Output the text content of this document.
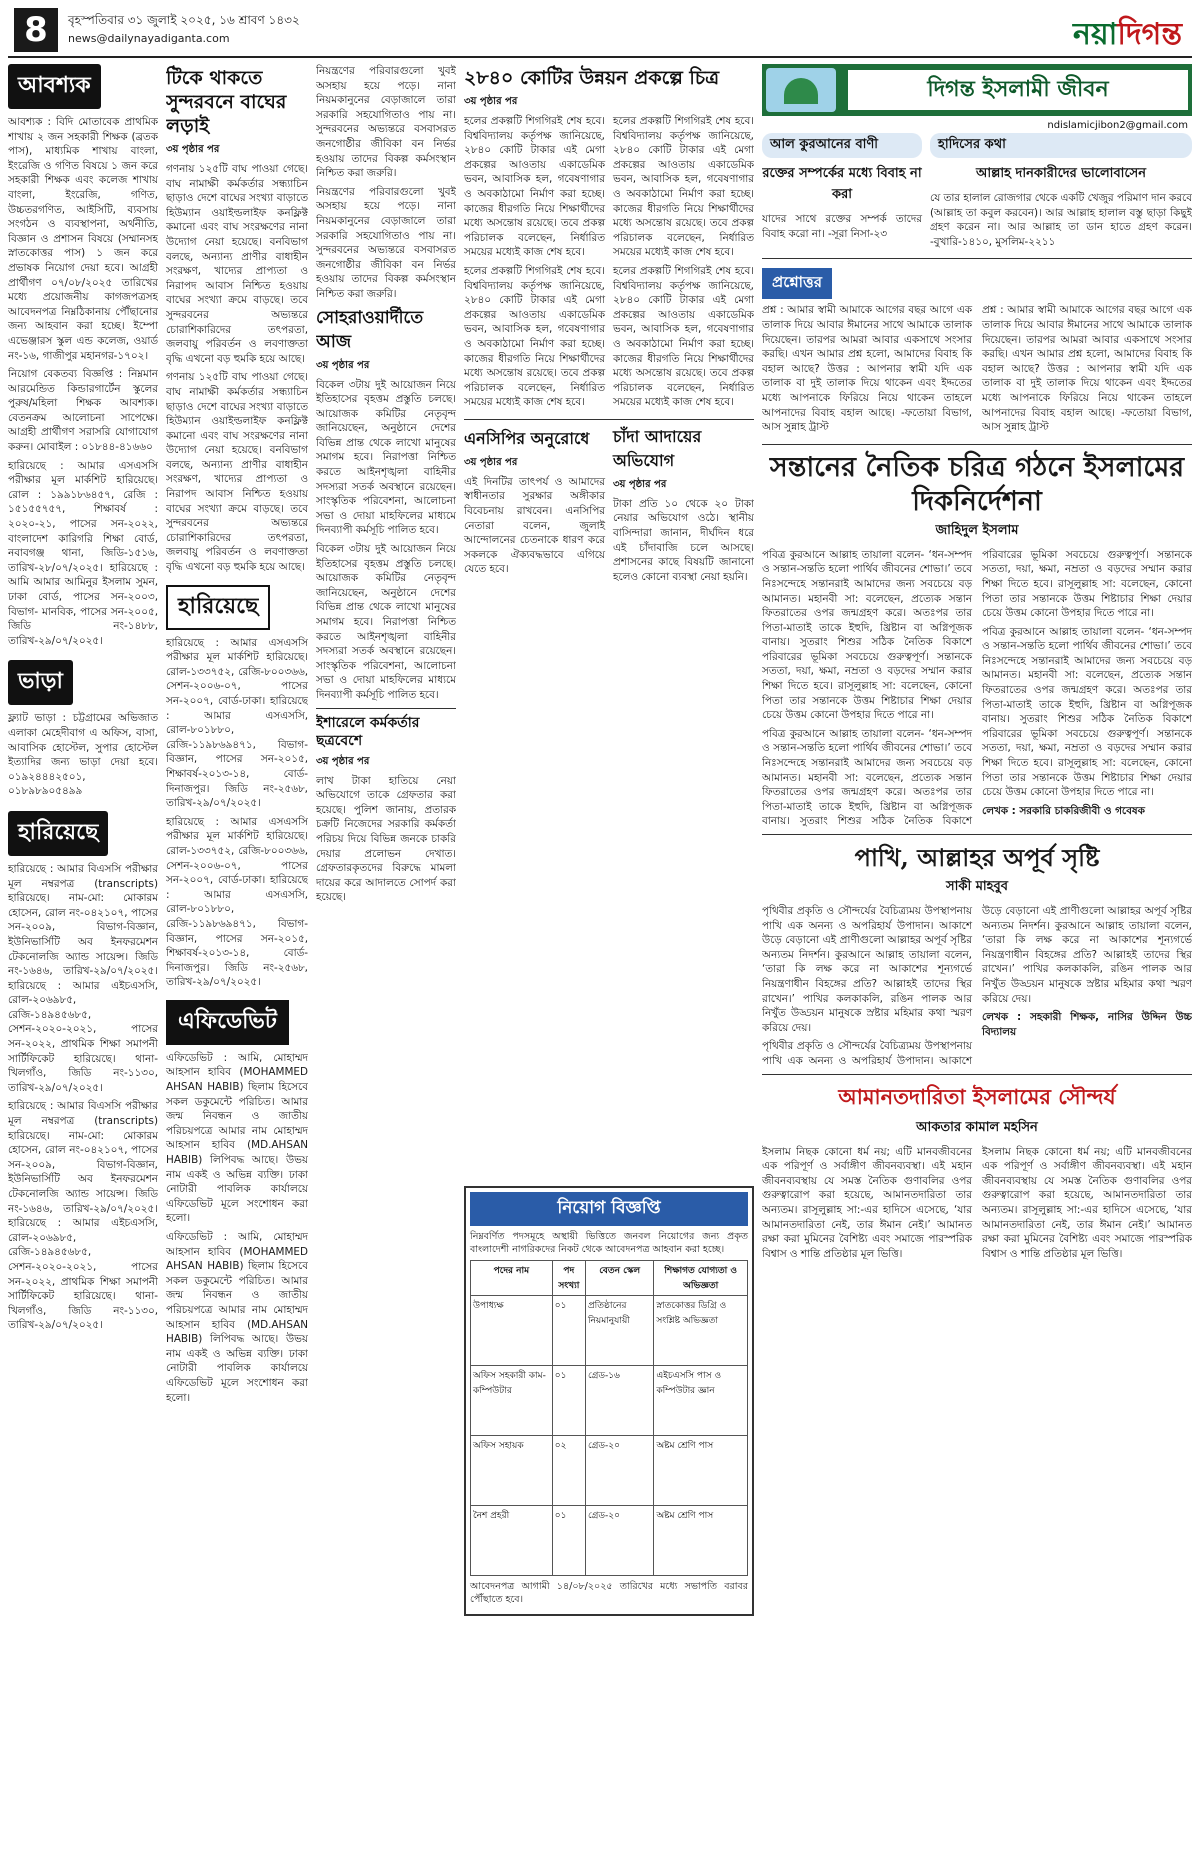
8	বৃহস্পতিবার ৩১ জুলাই ২০২৫, ১৬ শ্রাবণ ১৪৩২
news@dailynayadiganta.com	নয়াদিগন্ত
আবশ্যক

আবশ্যক : বিদি মোতাবেক প্রাথমিক শাখায় ২ জন সহকারী শিক্ষক (ব্রতক পাস), মাধ্যমিক শাখায় বাংলা, ইংরেজি ও গণিত বিষয়ে ১ জন করে সহকারী শিক্ষক এবং কলেজ শাখায় বাংলা, ইংরেজি, গণিত, উচ্চতরগণিত, আইসিটি, ব্যবসায় সংগঠন ও ব্যবস্থাপনা, অর্থনীতি, বিজ্ঞান ও প্রশাসন বিষয়ে (সম্মানসহ স্নাতকোত্তর পাস) ১ জন করে প্রভাষক নিয়োগ দেয়া হবে। আগ্রহী প্রার্থীগণ ০৭/০৮/২০২৫ তারিখের মধ্যে প্রয়োজনীয় কাগজপত্রসহ আবেদনপত্র নিম্নঠিকানায় পৌঁছানোর জন্য আহবান করা হচ্ছে। ইম্পো এভেঞ্জারস স্কুল এন্ড কলেজ, ওয়ার্ড নং-১৬, গাজীপুর মহানগর-১৭০২।

নিয়োগ বেকতব্য বিজ্ঞপ্তি : নিম্নমান আরমেন্ডিত কিন্ডারগার্টেন স্কুলের পুরুষ/মহিলা শিক্ষক আবশ্যক। বেতনক্রম আলোচনা সাপেক্ষে। আগ্রহী প্রার্থীগণ সরাসরি যোগাযোগ করুন। মোবাইল : ০১৮৪৪-৪১৬৬০

হারিয়েছে : আমার এসএসসি পরীক্ষার মূল মার্কশিট হারিয়েছে। রোল : ১৯৯১৮৬৪৫৭, রেজি : ১৫১৫৫৭৫৭, শিক্ষাবর্ষ : ২০২০-২১, পাসের সন-২০২২, বাংলাদেশ কারিগরি শিক্ষা বোর্ড, নবাবগঞ্জ থানা, জিডি-১৫১৬, তারিখ-২৮/০৭/২০২৫। হারিয়েছে : আমি আমার আমিনুর ইসলাম সুমন, ঢাকা বোর্ড, পাসের সন-২০০৩, বিভাগ- মানবিক, পাসের সন-২০০৫, জিডি নং-১৪৮৮, তারিখ-২৯/০৭/২০২৫।

ভাড়া

ফ্ল্যাট ভাড়া : চট্টগ্রামের অভিজাত এলাকা মেহেদীবাগ এ অফিস, বাসা, আবাসিক হোস্টেল, সুপার হোস্টেল ইত্যাদির জন্য ভাড়া দেয়া হবে। ০১৯২৪৪৪২৫০১, ০১৮৯৮৯০৫৪৯৯

হারিয়েছে

হারিয়েছে : আমার বিএসসি পরীক্ষার মূল নম্বরপত্র (transcripts) হারিয়েছে। নাম-মো: মোকারম হোসেন, রোল নং-০৪২১০৭, পাসের সন-২০০৯, বিভাগ-বিজ্ঞান, ইউনিভার্সিটি অব ইনফরমেশন টেকনোলজি অ্যান্ড সায়েন্স। জিডি নং-১৬৪৬, তারিখ-২৯/০৭/২০২৫। হারিয়েছে : আমার এইচএসসি, রোল-২০৬৯৮৫, রেজি-১৪৯৪৫৬৮৫, সেশন-২০২০-২০২১, পাসের সন-২০২২, প্রাথমিক শিক্ষা সমাপনী সার্টিফিকেট হারিয়েছে। থানা-খিলগাঁও, জিডি নং-১১৩০, তারিখ-২৯/০৭/২০২৫।

হারিয়েছে : আমার বিএসসি পরীক্ষার মূল নম্বরপত্র (transcripts) হারিয়েছে। নাম-মো: মোকারম হোসেন, রোল নং-০৪২১০৭, পাসের সন-২০০৯, বিভাগ-বিজ্ঞান, ইউনিভার্সিটি অব ইনফরমেশন টেকনোলজি অ্যান্ড সায়েন্স। জিডি নং-১৬৪৬, তারিখ-২৯/০৭/২০২৫। হারিয়েছে : আমার এইচএসসি, রোল-২০৬৯৮৫, রেজি-১৪৯৪৫৬৮৫, সেশন-২০২০-২০২১, পাসের সন-২০২২, প্রাথমিক শিক্ষা সমাপনী সার্টিফিকেট হারিয়েছে। থানা-খিলগাঁও, জিডি নং-১১৩০, তারিখ-২৯/০৭/২০২৫।

টিকে থাকতে সুন্দরবনে বাঘের লড়াই
৩য় পৃষ্ঠার পর

গণনায় ১২৫টি বাঘ পাওয়া গেছে। বাঘ নামাক্ষী কর্মকর্তার সন্ধ্যাচিন ছাড়াও দেশে বাঘের সংখ্যা বাড়াতে হিউম্যান ওয়াইল্ডলাইফ কনফ্লিক্ট কমানো এবং বাঘ সংরক্ষণের নানা উদ্যোগ নেয়া হয়েছে। বনবিভাগ বলছে, অন্যান্য প্রাণীর বাধাহীন সংরক্ষণ, খাদ্যের প্রাপ্যতা ও নিরাপদ আবাস নিশ্চিত হওয়ায় বাঘের সংখ্যা ক্রমে বাড়ছে। তবে সুন্দরবনের অভ্যন্তরে চোরাশিকারিদের তৎপরতা, জলবায়ু পরিবর্তন ও লবণাক্ততা বৃদ্ধি এখনো বড় হুমকি হয়ে আছে।

গণনায় ১২৫টি বাঘ পাওয়া গেছে। বাঘ নামাক্ষী কর্মকর্তার সন্ধ্যাচিন ছাড়াও দেশে বাঘের সংখ্যা বাড়াতে হিউম্যান ওয়াইল্ডলাইফ কনফ্লিক্ট কমানো এবং বাঘ সংরক্ষণের নানা উদ্যোগ নেয়া হয়েছে। বনবিভাগ বলছে, অন্যান্য প্রাণীর বাধাহীন সংরক্ষণ, খাদ্যের প্রাপ্যতা ও নিরাপদ আবাস নিশ্চিত হওয়ায় বাঘের সংখ্যা ক্রমে বাড়ছে। তবে সুন্দরবনের অভ্যন্তরে চোরাশিকারিদের তৎপরতা, জলবায়ু পরিবর্তন ও লবণাক্ততা বৃদ্ধি এখনো বড় হুমকি হয়ে আছে।

হারিয়েছে

হারিয়েছে : আমার এসএসসি পরীক্ষার মূল মার্কশিট হারিয়েছে। রোল-১৩৩৭৫২, রেজি-৮০০৩৬৬, সেশন-২০০৬-০৭, পাসের সন-২০০৭, বোর্ড-ঢাকা। হারিয়েছে : আমার এসএসসি, রোল-৮০১৮৮০, রেজি-১১৯৮৬৯৪৭১, বিভাগ-বিজ্ঞান, পাসের সন-২০১৫, শিক্ষাবর্ষ-২০১৩-১৪, বোর্ড-দিনাজপুর। জিডি নং-২৫৬৮, তারিখ-২৯/০৭/২০২৫।

হারিয়েছে : আমার এসএসসি পরীক্ষার মূল মার্কশিট হারিয়েছে। রোল-১৩৩৭৫২, রেজি-৮০০৩৬৬, সেশন-২০০৬-০৭, পাসের সন-২০০৭, বোর্ড-ঢাকা। হারিয়েছে : আমার এসএসসি, রোল-৮০১৮৮০, রেজি-১১৯৮৬৯৪৭১, বিভাগ-বিজ্ঞান, পাসের সন-২০১৫, শিক্ষাবর্ষ-২০১৩-১৪, বোর্ড-দিনাজপুর। জিডি নং-২৫৬৮, তারিখ-২৯/০৭/২০২৫।

এফিডেভিট

এফিডেভিট : আমি, মোহাম্মদ আহসান হাবিব (MOHAMMED AHSAN HABIB) ছিলাম হিসেবে সকল ডকুমেন্টে পরিচিত। আমার জন্ম নিবন্ধন ও জাতীয় পরিচয়পত্রে আমার নাম মোহাম্মদ আহসান হাবিব (MD.AHSAN HABIB) লিপিবদ্ধ আছে। উভয় নাম একই ও অভিন্ন ব্যক্তি। ঢাকা নোটারী পাবলিক কার্যালয়ে এফিডেভিট মূলে সংশোধন করা হলো।

এফিডেভিট : আমি, মোহাম্মদ আহসান হাবিব (MOHAMMED AHSAN HABIB) ছিলাম হিসেবে সকল ডকুমেন্টে পরিচিত। আমার জন্ম নিবন্ধন ও জাতীয় পরিচয়পত্রে আমার নাম মোহাম্মদ আহসান হাবিব (MD.AHSAN HABIB) লিপিবদ্ধ আছে। উভয় নাম একই ও অভিন্ন ব্যক্তি। ঢাকা নোটারী পাবলিক কার্যালয়ে এফিডেভিট মূলে সংশোধন করা হলো।

নিয়ন্ত্রণের পরিবারগুলো খুবই অসহায় হয়ে পড়ে। নানা নিয়মকানুনের বেড়াজালে তারা সরকারি সহযোগিতাও পায় না। সুন্দরবনের অভ্যন্তরে বসবাসরত জনগোষ্ঠীর জীবিকা বন নির্ভর হওয়ায় তাদের বিকল্প কর্মসংস্থান নিশ্চিত করা জরুরি।

নিয়ন্ত্রণের পরিবারগুলো খুবই অসহায় হয়ে পড়ে। নানা নিয়মকানুনের বেড়াজালে তারা সরকারি সহযোগিতাও পায় না। সুন্দরবনের অভ্যন্তরে বসবাসরত জনগোষ্ঠীর জীবিকা বন নির্ভর হওয়ায় তাদের বিকল্প কর্মসংস্থান নিশ্চিত করা জরুরি।

সোহরাওয়ার্দীতে আজ
৩য় পৃষ্ঠার পর

বিকেল ৩টায় দুই আয়োজন নিয়ে ইতিহাসের বৃহত্তম প্রস্তুতি চলছে। আয়োজক কমিটির নেতৃবৃন্দ জানিয়েছেন, অনুষ্ঠানে দেশের বিভিন্ন প্রান্ত থেকে লাখো মানুষের সমাগম হবে। নিরাপত্তা নিশ্চিত করতে আইনশৃঙ্খলা বাহিনীর সদস্যরা সতর্ক অবস্থানে রয়েছেন। সাংস্কৃতিক পরিবেশনা, আলোচনা সভা ও দোয়া মাহফিলের মাধ্যমে দিনব্যাপী কর্মসূচি পালিত হবে।

বিকেল ৩টায় দুই আয়োজন নিয়ে ইতিহাসের বৃহত্তম প্রস্তুতি চলছে। আয়োজক কমিটির নেতৃবৃন্দ জানিয়েছেন, অনুষ্ঠানে দেশের বিভিন্ন প্রান্ত থেকে লাখো মানুষের সমাগম হবে। নিরাপত্তা নিশ্চিত করতে আইনশৃঙ্খলা বাহিনীর সদস্যরা সতর্ক অবস্থানে রয়েছেন। সাংস্কৃতিক পরিবেশনা, আলোচনা সভা ও দোয়া মাহফিলের মাধ্যমে দিনব্যাপী কর্মসূচি পালিত হবে।

ইশারেলে কর্মকর্তার ছত্রবেশে
৩য় পৃষ্ঠার পর

লাখ টাকা হাতিয়ে নেয়া অভিযোগে তাকে গ্রেফতার করা হয়েছে। পুলিশ জানায়, প্রতারক চক্রটি নিজেদের সরকারি কর্মকর্তা পরিচয় দিয়ে বিভিন্ন জনকে চাকরি দেয়ার প্রলোভন দেখাত। গ্রেফতারকৃতদের বিরুদ্ধে মামলা দায়ের করে আদালতে সোপর্দ করা হয়েছে।

২৮৪০ কোটির উন্নয়ন প্রকল্পে চিত্র
৩য় পৃষ্ঠার পর

হলের প্রকল্পটি শিগগিরই শেষ হবে। বিশ্ববিদ্যালয় কর্তৃপক্ষ জানিয়েছে, ২৮৪০ কোটি টাকার এই মেগা প্রকল্পের আওতায় একাডেমিক ভবন, আবাসিক হল, গবেষণাগার ও অবকাঠামো নির্মাণ করা হচ্ছে। কাজের ধীরগতি নিয়ে শিক্ষার্থীদের মধ্যে অসন্তোষ রয়েছে। তবে প্রকল্প পরিচালক বলেছেন, নির্ধারিত সময়ের মধ্যেই কাজ শেষ হবে।

হলের প্রকল্পটি শিগগিরই শেষ হবে। বিশ্ববিদ্যালয় কর্তৃপক্ষ জানিয়েছে, ২৮৪০ কোটি টাকার এই মেগা প্রকল্পের আওতায় একাডেমিক ভবন, আবাসিক হল, গবেষণাগার ও অবকাঠামো নির্মাণ করা হচ্ছে। কাজের ধীরগতি নিয়ে শিক্ষার্থীদের মধ্যে অসন্তোষ রয়েছে। তবে প্রকল্প পরিচালক বলেছেন, নির্ধারিত সময়ের মধ্যেই কাজ শেষ হবে।

হলের প্রকল্পটি শিগগিরই শেষ হবে। বিশ্ববিদ্যালয় কর্তৃপক্ষ জানিয়েছে, ২৮৪০ কোটি টাকার এই মেগা প্রকল্পের আওতায় একাডেমিক ভবন, আবাসিক হল, গবেষণাগার ও অবকাঠামো নির্মাণ করা হচ্ছে। কাজের ধীরগতি নিয়ে শিক্ষার্থীদের মধ্যে অসন্তোষ রয়েছে। তবে প্রকল্প পরিচালক বলেছেন, নির্ধারিত সময়ের মধ্যেই কাজ শেষ হবে।

হলের প্রকল্পটি শিগগিরই শেষ হবে। বিশ্ববিদ্যালয় কর্তৃপক্ষ জানিয়েছে, ২৮৪০ কোটি টাকার এই মেগা প্রকল্পের আওতায় একাডেমিক ভবন, আবাসিক হল, গবেষণাগার ও অবকাঠামো নির্মাণ করা হচ্ছে। কাজের ধীরগতি নিয়ে শিক্ষার্থীদের মধ্যে অসন্তোষ রয়েছে। তবে প্রকল্প পরিচালক বলেছেন, নির্ধারিত সময়ের মধ্যেই কাজ শেষ হবে।

এনসিপির অনুরোধে
৩য় পৃষ্ঠার পর

এই দিনটির তাৎপর্য ও আমাদের স্বাধীনতার সুরক্ষার অঙ্গীকার বিবেচনায় রাখবেন। এনসিপির নেতারা বলেন, জুলাই আন্দোলনের চেতনাকে ধারণ করে সকলকে ঐক্যবদ্ধভাবে এগিয়ে যেতে হবে।

চাঁদা আদায়ের অভিযোগ
৩য় পৃষ্ঠার পর

টাকা প্রতি ১০ থেকে ২০ টাকা নেয়ার অভিযোগ ওঠে। স্থানীয় বাসিন্দারা জানান, দীর্ঘদিন ধরে এই চাঁদাবাজি চলে আসছে। প্রশাসনের কাছে বিষয়টি জানানো হলেও কোনো ব্যবস্থা নেয়া হয়নি।

নিয়োগ বিজ্ঞপ্তি

নিম্নবর্ণিত পদসমূহে অস্থায়ী ভিত্তিতে জনবল নিয়োগের জন্য প্রকৃত বাংলাদেশী নাগরিকদের নিকট থেকে আবেদনপত্র আহবান করা হচ্ছে।

পদের নাম	পদ সংখ্যা	বেতন স্কেল	শিক্ষাগত যোগ্যতা ও অভিজ্ঞতা
উপাধ্যক্ষ	০১	প্রতিষ্ঠানের নিয়মানুযায়ী	স্নাতকোত্তর ডিগ্রি ও সংশ্লিষ্ট অভিজ্ঞতা
অফিস সহকারী কাম-কম্পিউটার	০১	গ্রেড-১৬	এইচএসসি পাস ও কম্পিউটার জ্ঞান
অফিস সহায়ক	০২	গ্রেড-২০	অষ্টম শ্রেণি পাস
নৈশ প্রহরী	০১	গ্রেড-২০	অষ্টম শ্রেণি পাস

আবেদনপত্র আগামী ১৪/০৮/২০২৫ তারিখের মধ্যে সভাপতি বরাবর পৌঁছাতে হবে।

দিগন্ত ইসলামী জীবন
ndislamicjibon2@gmail.com
আল কুরআনের বাণী
রক্তের সম্পর্কের মধ্যে বিবাহ না করা

যাদের সাথে রক্তের সম্পর্ক তাদের বিবাহ করো না। -সূরা নিসা-২৩

হাদিসের কথা
আল্লাহ দানকারীদের ভালোবাসেন

যে তার হালাল রোজগার থেকে একটি খেজুর পরিমাণ দান করবে (আল্লাহ তা কবুল করবেন)। আর আল্লাহ হালাল বস্তু ছাড়া কিছুই গ্রহণ করেন না। আর আল্লাহ তা ডান হাতে গ্রহণ করেন। -বুখারি-১৪১০, মুসলিম-২২১১

প্রশ্নোত্তর

প্রশ্ন : আমার স্বামী আমাকে আগের বছর আগে এক তালাক দিয়ে আবার ঈমানের সাথে আমাকে তালাক দিয়েছেন। তারপর আমরা আবার একসাথে সংসার করছি। এখন আমার প্রশ্ন হলো, আমাদের বিবাহ কি বহাল আছে? উত্তর : আপনার স্বামী যদি এক তালাক বা দুই তালাক দিয়ে থাকেন এবং ইদ্দতের মধ্যে আপনাকে ফিরিয়ে নিয়ে থাকেন তাহলে আপনাদের বিবাহ বহাল আছে। -ফতোয়া বিভাগ, আস সুন্নাহ ট্রাস্ট

প্রশ্ন : আমার স্বামী আমাকে আগের বছর আগে এক তালাক দিয়ে আবার ঈমানের সাথে আমাকে তালাক দিয়েছেন। তারপর আমরা আবার একসাথে সংসার করছি। এখন আমার প্রশ্ন হলো, আমাদের বিবাহ কি বহাল আছে? উত্তর : আপনার স্বামী যদি এক তালাক বা দুই তালাক দিয়ে থাকেন এবং ইদ্দতের মধ্যে আপনাকে ফিরিয়ে নিয়ে থাকেন তাহলে আপনাদের বিবাহ বহাল আছে। -ফতোয়া বিভাগ, আস সুন্নাহ ট্রাস্ট

সন্তানের নৈতিক চরিত্র গঠনে ইসলামের দিকনির্দেশনা
জাহিদুল ইসলাম

পবিত্র কুরআনে আল্লাহ তায়ালা বলেন- ‘ধন-সম্পদ ও সন্তান-সন্ততি হলো পার্থিব জীবনের শোভা।’ তবে নিঃসন্দেহে সন্তানরাই আমাদের জন্য সবচেয়ে বড় আমানত। মহানবী সা: বলেছেন, প্রত্যেক সন্তান ফিতরাতের ওপর জন্মগ্রহণ করে। অতঃপর তার পিতা-মাতাই তাকে ইহুদি, খ্রিষ্টান বা অগ্নিপূজক বানায়। সুতরাং শিশুর সঠিক নৈতিক বিকাশে পরিবারের ভূমিকা সবচেয়ে গুরুত্বপূর্ণ। সন্তানকে সততা, দয়া, ক্ষমা, নম্রতা ও বড়দের সম্মান করার শিক্ষা দিতে হবে। রাসূলুল্লাহ সা: বলেছেন, কোনো পিতা তার সন্তানকে উত্তম শিষ্টাচার শিক্ষা দেয়ার চেয়ে উত্তম কোনো উপহার দিতে পারে না।

পবিত্র কুরআনে আল্লাহ তায়ালা বলেন- ‘ধন-সম্পদ ও সন্তান-সন্ততি হলো পার্থিব জীবনের শোভা।’ তবে নিঃসন্দেহে সন্তানরাই আমাদের জন্য সবচেয়ে বড় আমানত। মহানবী সা: বলেছেন, প্রত্যেক সন্তান ফিতরাতের ওপর জন্মগ্রহণ করে। অতঃপর তার পিতা-মাতাই তাকে ইহুদি, খ্রিষ্টান বা অগ্নিপূজক বানায়। সুতরাং শিশুর সঠিক নৈতিক বিকাশে পরিবারের ভূমিকা সবচেয়ে গুরুত্বপূর্ণ। সন্তানকে সততা, দয়া, ক্ষমা, নম্রতা ও বড়দের সম্মান করার শিক্ষা দিতে হবে। রাসূলুল্লাহ সা: বলেছেন, কোনো পিতা তার সন্তানকে উত্তম শিষ্টাচার শিক্ষা দেয়ার চেয়ে উত্তম কোনো উপহার দিতে পারে না।

পবিত্র কুরআনে আল্লাহ তায়ালা বলেন- ‘ধন-সম্পদ ও সন্তান-সন্ততি হলো পার্থিব জীবনের শোভা।’ তবে নিঃসন্দেহে সন্তানরাই আমাদের জন্য সবচেয়ে বড় আমানত। মহানবী সা: বলেছেন, প্রত্যেক সন্তান ফিতরাতের ওপর জন্মগ্রহণ করে। অতঃপর তার পিতা-মাতাই তাকে ইহুদি, খ্রিষ্টান বা অগ্নিপূজক বানায়। সুতরাং শিশুর সঠিক নৈতিক বিকাশে পরিবারের ভূমিকা সবচেয়ে গুরুত্বপূর্ণ। সন্তানকে সততা, দয়া, ক্ষমা, নম্রতা ও বড়দের সম্মান করার শিক্ষা দিতে হবে। রাসূলুল্লাহ সা: বলেছেন, কোনো পিতা তার সন্তানকে উত্তম শিষ্টাচার শিক্ষা দেয়ার চেয়ে উত্তম কোনো উপহার দিতে পারে না।

লেখক : সরকারি চাকরিজীবী ও গবেষক

পাখি, আল্লাহর অপূর্ব সৃষ্টি
সাকী মাহবুব

পৃথিবীর প্রকৃতি ও সৌন্দর্যের বৈচিত্র্যময় উপস্থাপনায় পাখি এক অনন্য ও অপরিহার্য উপাদান। আকাশে উড়ে বেড়ানো এই প্রাণীগুলো আল্লাহর অপূর্ব সৃষ্টির অন্যতম নিদর্শন। কুরআনে আল্লাহ তায়ালা বলেন, ‘তারা কি লক্ষ করে না আকাশের শূন্যগর্ভে নিয়ন্ত্রণাধীন বিহঙ্গের প্রতি? আল্লাহই তাদের স্থির রাখেন।’ পাখির কলকাকলি, রঙিন পালক আর নিখুঁত উড্ডয়ন মানুষকে স্রষ্টার মহিমার কথা স্মরণ করিয়ে দেয়।

পৃথিবীর প্রকৃতি ও সৌন্দর্যের বৈচিত্র্যময় উপস্থাপনায় পাখি এক অনন্য ও অপরিহার্য উপাদান। আকাশে উড়ে বেড়ানো এই প্রাণীগুলো আল্লাহর অপূর্ব সৃষ্টির অন্যতম নিদর্শন। কুরআনে আল্লাহ তায়ালা বলেন, ‘তারা কি লক্ষ করে না আকাশের শূন্যগর্ভে নিয়ন্ত্রণাধীন বিহঙ্গের প্রতি? আল্লাহই তাদের স্থির রাখেন।’ পাখির কলকাকলি, রঙিন পালক আর নিখুঁত উড্ডয়ন মানুষকে স্রষ্টার মহিমার কথা স্মরণ করিয়ে দেয়।

লেখক : সহকারী শিক্ষক, নাসির উদ্দিন উচ্চ বিদ্যালয়

আমানতদারিতা ইসলামের সৌন্দর্য
আকতার কামাল মহসিন

ইসলাম নিছক কোনো ধর্ম নয়; এটি মানবজীবনের এক পরিপূর্ণ ও সর্বাঙ্গীণ জীবনব্যবস্থা। এই মহান জীবনব্যবস্থায় যে সমস্ত নৈতিক গুণাবলির ওপর গুরুত্বারোপ করা হয়েছে, আমানতদারিতা তার অন্যতম। রাসূলুল্লাহ সা:-এর হাদিসে এসেছে, ‘যার আমানতদারিতা নেই, তার ঈমান নেই।’ আমানত রক্ষা করা মুমিনের বৈশিষ্ট্য এবং সমাজে পারস্পরিক বিশ্বাস ও শান্তি প্রতিষ্ঠার মূল ভিত্তি।

ইসলাম নিছক কোনো ধর্ম নয়; এটি মানবজীবনের এক পরিপূর্ণ ও সর্বাঙ্গীণ জীবনব্যবস্থা। এই মহান জীবনব্যবস্থায় যে সমস্ত নৈতিক গুণাবলির ওপর গুরুত্বারোপ করা হয়েছে, আমানতদারিতা তার অন্যতম। রাসূলুল্লাহ সা:-এর হাদিসে এসেছে, ‘যার আমানতদারিতা নেই, তার ঈমান নেই।’ আমানত রক্ষা করা মুমিনের বৈশিষ্ট্য এবং সমাজে পারস্পরিক বিশ্বাস ও শান্তি প্রতিষ্ঠার মূল ভিত্তি।
